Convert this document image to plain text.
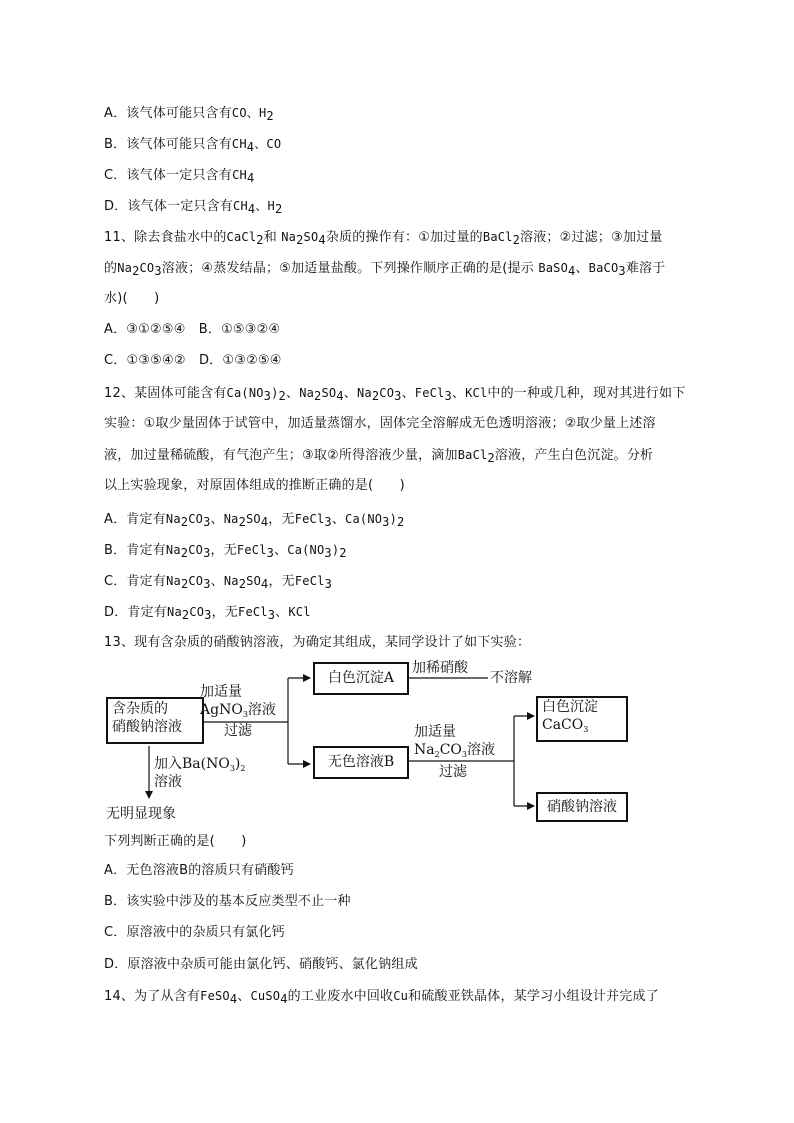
A．该气体可能只含有CO、$H_2$
B．该气体可能只含有$CH_4$、CO
C．该气体一定只含有$CH_4$
D．该气体一定只含有$CH_4$、$H_2$
11、除去食盐水中的CaCl$_2$和 $Na_2SO_4$杂质的操作有：①加过量的BaCl$_2$溶液；②过滤；③加过量
的$Na_2CO_3$溶液；④蒸发结晶；⑤加适量盐酸。下列操作顺序正确的是(提示 BaSO$_4$、BaCO$_3$难溶于
水)(　　)
A．③①②⑤④　B．①⑤③②④
C．①③⑤④②　D．①③②⑤④
12、某固体可能含有$Ca(NO_3)_2$、$Na_2SO_4$、$Na_2CO_3$、FeCl$_3$、KCl中的一种或几种，现对其进行如下
实验：①取少量固体于试管中，加适量蒸馏水，固体完全溶解成无色透明溶液；②取少量上述溶
液，加过量稀硫酸，有气泡产生；③取②所得溶液少量，滴加BaCl$_2$溶液，产生白色沉淀。分析
以上实验现象，对原固体组成的推断正确的是(　　)
A．肯定有$Na_2CO_3$、$Na_2SO_4$，无FeCl$_3$、$Ca(NO_3)_2$
B．肯定有$Na_2CO_3$，无FeCl$_3$、$Ca(NO_3)_2$
C．肯定有$Na_2CO_3$、$Na_2SO_4$，无FeCl$_3$
D．肯定有$Na_2CO_3$，无FeCl$_3$、KCl
13、现有含杂质的硝酸钠溶液，为确定其组成，某同学设计了如下实验：
含杂质的
硝酸钠溶液
加适量
AgNO$_3$溶液
过滤
白色沉淀A
加稀硝酸
不溶解
无色溶液B
加适量
$Na_2CO_3$溶液
过滤
白色沉淀
CaCO$_3$
硝酸钠溶液
加入$Ba(NO_3)_2$
溶液
无明显现象
下列判断正确的是(　　)
A．无色溶液B的溶质只有硝酸钙
B．该实验中涉及的基本反应类型不止一种
C．原溶液中的杂质只有氯化钙
D．原溶液中杂质可能由氯化钙、硝酸钙、氯化钠组成
14、为了从含有FeSO$_4$、CuSO$_4$的工业废水中回收Cu和硫酸亚铁晶体，某学习小组设计并完成了
